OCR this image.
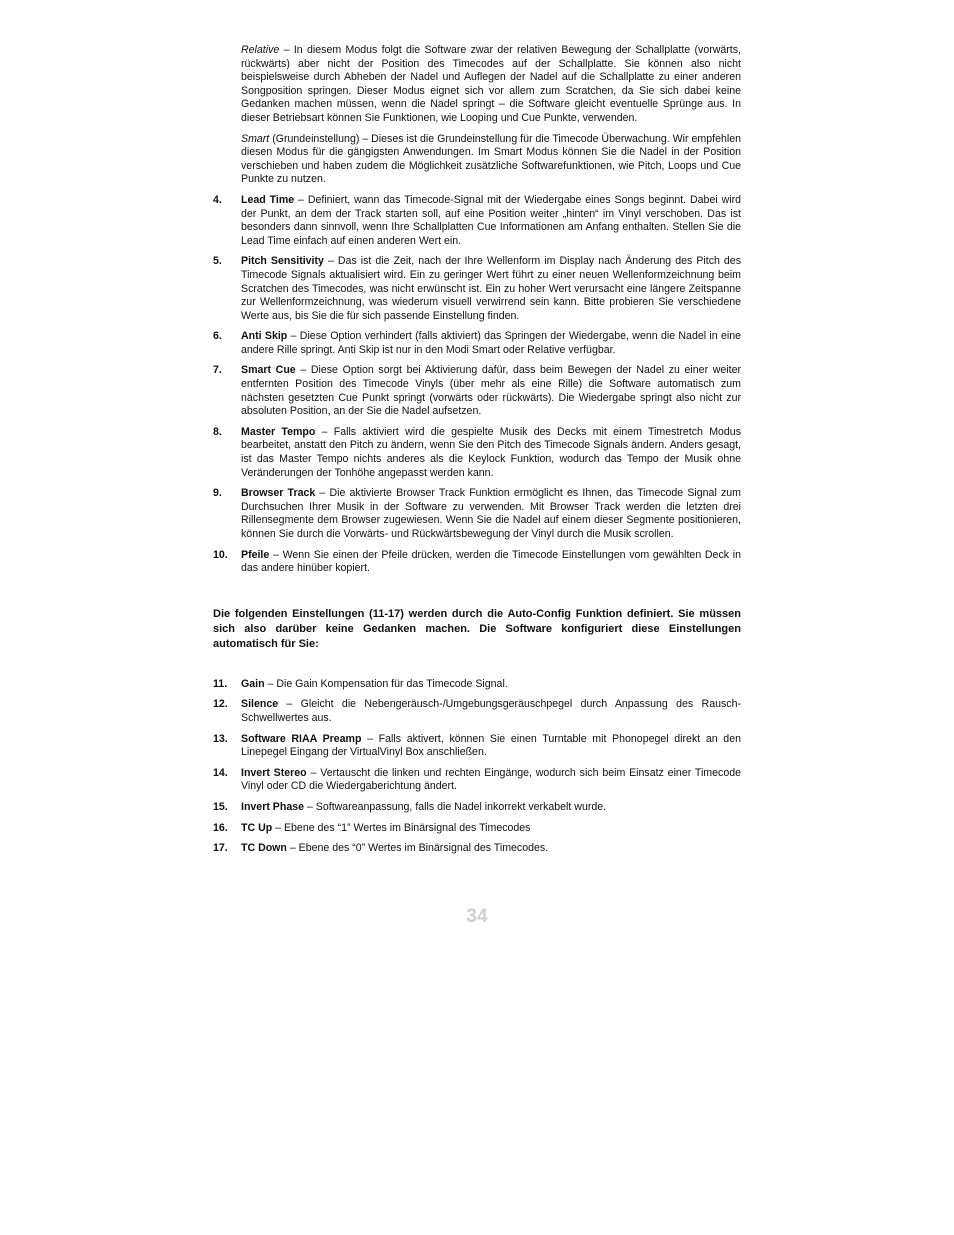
Relative – In diesem Modus folgt die Software zwar der relativen Bewegung der Schallplatte (vorwärts, rückwärts) aber nicht der Position des Timecodes auf der Schallplatte. Sie können also nicht beispielsweise durch Abheben der Nadel und Auflegen der Nadel auf die Schallplatte zu einer anderen Songposition springen. Dieser Modus eignet sich vor allem zum Scratchen, da Sie sich dabei keine Gedanken machen müssen, wenn die Nadel springt – die Software gleicht eventuelle Sprünge aus. In dieser Betriebsart können Sie Funktionen, wie Looping und Cue Punkte, verwenden.

Smart (Grundeinstellung) – Dieses ist die Grundeinstellung für die Timecode Überwachung. Wir empfehlen diesen Modus für die gängigsten Anwendungen. Im Smart Modus können Sie die Nadel in der Position verschieben und haben zudem die Möglichkeit zusätzliche Softwarefunktionen, wie Pitch, Loops und Cue Punkte zu nutzen.

4. Lead Time – Definiert, wann das Timecode-Signal mit der Wiedergabe eines Songs beginnt. Dabei wird der Punkt, an dem der Track starten soll, auf eine Position weiter „hinten“ im Vinyl verschoben. Das ist besonders dann sinnvoll, wenn Ihre Schallplatten Cue Informationen am Anfang enthalten. Stellen Sie die Lead Time einfach auf einen anderen Wert ein.
5. Pitch Sensitivity – Das ist die Zeit, nach der Ihre Wellenform im Display nach Änderung des Pitch des Timecode Signals aktualisiert wird. Ein zu geringer Wert führt zu einer neuen Wellenformzeichnung beim Scratchen des Timecodes, was nicht erwünscht ist. Ein zu hoher Wert verursacht eine längere Zeitspanne zur Wellenformzeichnung, was wiederum visuell verwirrend sein kann. Bitte probieren Sie verschiedene Werte aus, bis Sie die für sich passende Einstellung finden.
6. Anti Skip – Diese Option verhindert (falls aktiviert) das Springen der Wiedergabe, wenn die Nadel in eine andere Rille springt. Anti Skip ist nur in den Modi Smart oder Relative verfügbar.
7. Smart Cue – Diese Option sorgt bei Aktivierung dafür, dass beim Bewegen der Nadel zu einer weiter entfernten Position des Timecode Vinyls (über mehr als eine Rille) die Software automatisch zum nächsten gesetzten Cue Punkt springt (vorwärts oder rückwärts). Die Wiedergabe springt also nicht zur absoluten Position, an der Sie die Nadel aufsetzen.
8. Master Tempo – Falls aktiviert wird die gespielte Musik des Decks mit einem Timestretch Modus bearbeitet, anstatt den Pitch zu ändern, wenn Sie den Pitch des Timecode Signals ändern. Anders gesagt, ist das Master Tempo nichts anderes als die Keylock Funktion, wodurch das Tempo der Musik ohne Veränderungen der Tonhöhe angepasst werden kann.
9. Browser Track – Die aktivierte Browser Track Funktion ermöglicht es Ihnen, das Timecode Signal zum Durchsuchen Ihrer Musik in der Software zu verwenden. Mit Browser Track werden die letzten drei Rillensegmente dem Browser zugewiesen. Wenn Sie die Nadel auf einem dieser Segmente positionieren, können Sie durch die Vorwärts- und Rückwärtsbewegung der Vinyl durch die Musik scrollen.
10. Pfeile – Wenn Sie einen der Pfeile drücken, werden die Timecode Einstellungen vom gewählten Deck in das andere hinüber kopiert.

Die folgenden Einstellungen (11-17) werden durch die Auto-Config Funktion definiert. Sie müssen sich also darüber keine Gedanken machen. Die Software konfiguriert diese Einstellungen automatisch für Sie:

11. Gain – Die Gain Kompensation für das Timecode Signal.
12. Silence – Gleicht die Nebengeräusch-/Umgebungsgeräuschpegel durch Anpassung des Rausch-Schwellwertes aus.
13. Software RIAA Preamp – Falls aktivert, können Sie einen Turntable mit Phonopegel direkt an den Linepegel Eingang der VirtualVinyl Box anschließen.
14. Invert Stereo – Vertauscht die linken und rechten Eingänge, wodurch sich beim Einsatz einer Timecode Vinyl oder CD die Wiedergaberichtung ändert.
15. Invert Phase – Softwareanpassung, falls die Nadel inkorrekt verkabelt wurde.
16. TC Up – Ebene des “1” Wertes im Binärsignal des Timecodes
17. TC Down – Ebene des “0” Wertes im Binärsignal des Timecodes.
34
